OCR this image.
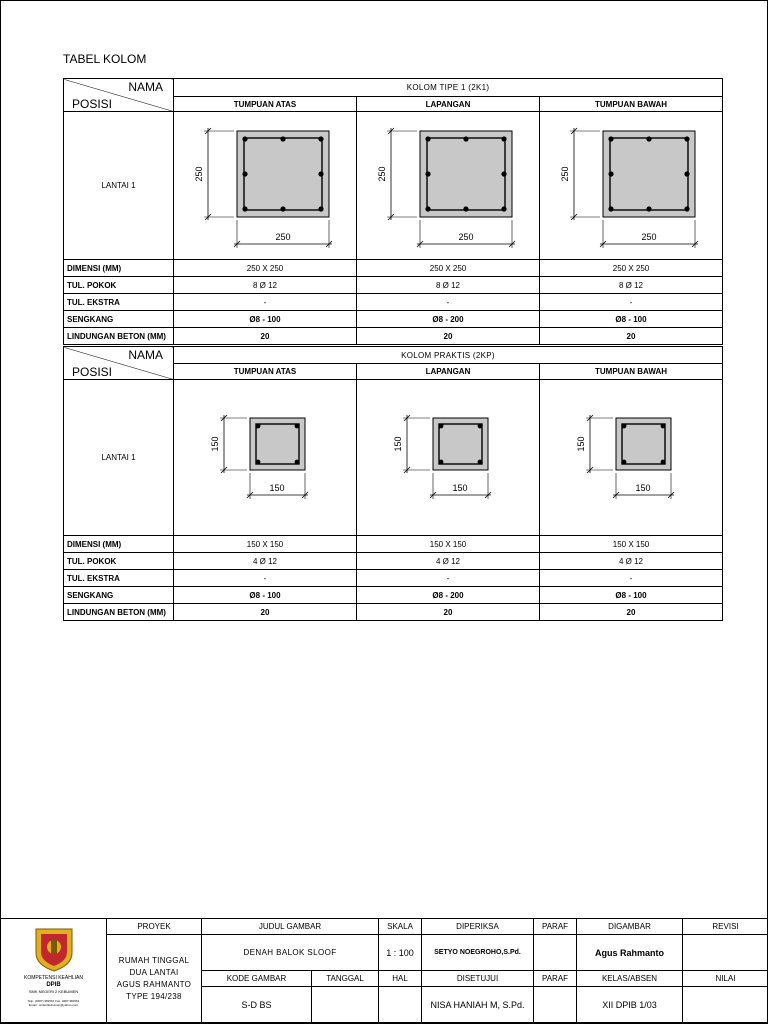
TABEL KOLOM
NAMA
POSISI	KOLOM TIPE 1 (2K1)		
	TUMPUAN ATAS	LAPANGAN	TUMPUAN BAWAH
LANTAI 1	250
250	250
250	250
250

DIMENSI (MM)	250 X 250	250 X 250	250 X 250
TUL. POKOK	8 Ø 12	8 Ø 12	8 Ø 12
TUL. EKSTRA	-	-	-
SENGKANG	Ø8 - 100	Ø8 - 200	Ø8 - 100
LINDUNGAN BETON (MM)	20	20	20
NAMA
POSISI	KOLOM PRAKTIS (2KP)		
	TUMPUAN ATAS	LAPANGAN	TUMPUAN BAWAH
LANTAI 1	150
150	150
150	150
150

DIMENSI (MM)	150 X 150	150 X 150	150 X 150
TUL. POKOK	4 Ø 12	4 Ø 12	4 Ø 12
TUL. EKSTRA	-	-	-
SENGKANG	Ø8 - 100	Ø8 - 200	Ø8 - 100
LINDUNGAN BETON (MM)	20	20	20
KOMPETENSI KEAHLIAN
DPIB
SMK NEGERI 2 KEBUMEN
Telp. (0287) 381561 Fax. 0287 381561
Email : smkn2kebumen@yahoo.com	PROYEK	JUDUL GAMBAR		SKALA	DIPERIKSA	PARAF	DIGAMBAR	REVISI

	RUMAH TINGGAL
DUA LANTAI
AGUS RAHMANTO
TYPE 194/238	DENAH BALOK SLOOF		1 : 100	SETYO NOEGROHO,S.Pd.		Agus Rahmanto	
		KODE GAMBAR	TANGGAL	HAL	DISETUJUI	PARAF	KELAS/ABSEN	NILAI
		S-D BS			NISA HANIAH M, S.Pd.		XII DPIB 1/03	
